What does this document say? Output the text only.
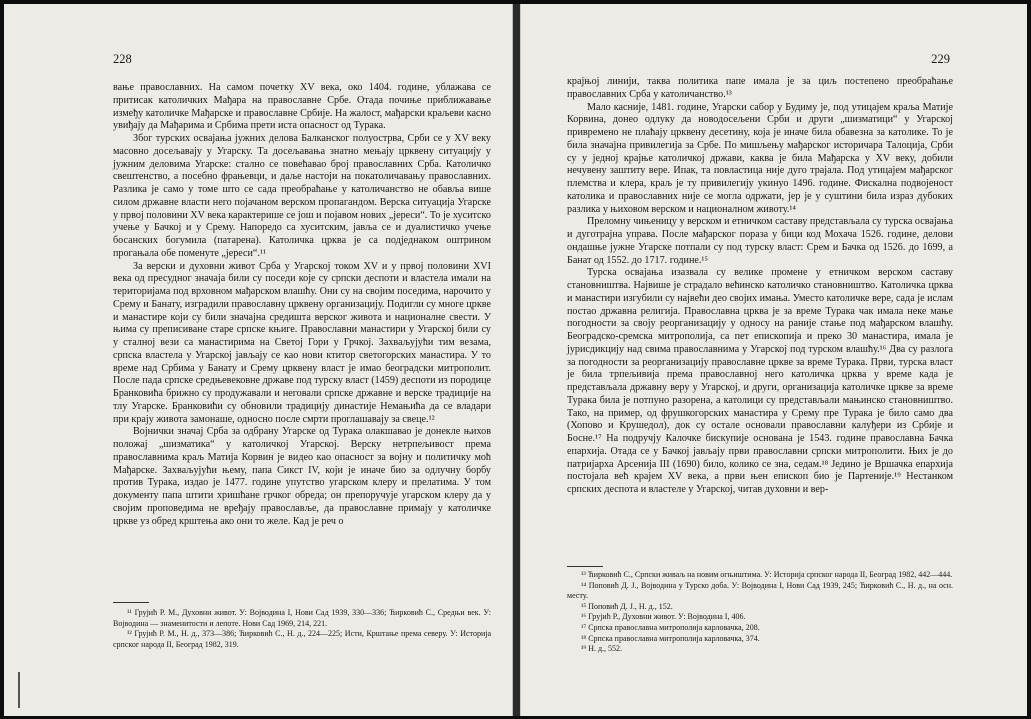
228

вање православних. На самом почетку XV века, око 1404. године, ублажава се притисак католичких Мађара на православне Србе. Отада почиње приближавање између католичке Мађарске и православне Србије. На жалост, мађарски краљеви касно увиђају да Мађарима и Србима прети иста опасност од Турака.

Због турских освајања јужних делова Балканског полуострва, Срби се у XV веку масовно досељавају у Угарску. Та досељавања знатно мењају црквену ситуацију у јужним деловима Угарске: стално се повећавао број православних Срба. Католичко свештенство, а посебно фрањевци, и даље настоји на покатоличавању православних. Разлика је само у томе што се сада преобраћање у католичанство не обавља више силом државне власти него појачаном верском пропагандом. Верска ситуација Угарске у првој половини XV века карактерише се још и појавом нових „јереси“. То је хуситско учење у Бачкој и у Срему. Напоредо са хуситским, јавља се и дуалистичко учење босанских богумила (патарена). Католичка црква је са подједнаком оштрином прогањала обе поменуте „јереси“.¹¹

За верски и духовни живот Срба у Угарској током XV и у првој половини XVI века од пресудног значаја били су поседи које су српски деспоти и властела имали на територијама под врховном мађарском влашћу. Они су на својим поседима, нарочито у Срему и Банату, изградили православну црквену организацију. Подигли су многе цркве и манастире који су били значајна средишта верског живота и националне свести. У њима су преписиване старе српске књиге. Православни манастири у Угарској били су у сталној вези са манастирима на Светој Гори у Грчкој. Захваљујући тим везама, српска властела у Угарској јављају се као нови ктитор светогорских манастира. У то време над Србима у Банату и Срему црквену власт је имао београдски митрополит. После пада српске средњевековне државе под турску власт (1459) деспоти из породице Бранковића брижно су продужавали и неговали српске државне и верске традиције на тлу Угарске. Бранковићи су обновили традицију династије Немањића да се владари при крају живота замонаше, односно после смрти проглашавају за свеце.¹²

Војнички значај Срба за одбрану Угарске од Турака олакшавао је донекле њихов положај „шизматика“ у католичкој Угарској. Верску нетрпељивост према православнима краљ Матија Корвин је видео као опасност за војну и политичку моћ Мађарске. Захваљујући њему, папа Сикст IV, који је иначе био за одлучну борбу против Турака, издао је 1477. године упутство угарском клеру и прелатима. У том документу папа штити хришћане грчког обреда; он препоручује угарском клеру да у својим проповедима не вређају православље, да православне примају у католичке цркве уз обред крштења ако они то желе. Кад је реч о

¹¹ Грујић Р. М., Духовни живот. У: Војводина I, Нови Сад 1939, 330—336; Ћирковић С., Средњи век. У: Војводина — знаменитости и лепоте. Нови Сад 1969, 214, 221.

¹² Грујић Р. М., Н. д., 373—386; Ћирковић С., Н. д., 224—225; Исти, Крштање према северу. У: Историја српског народа II, Београд 1982, 319.

229

крајњој линији, таква политика папе имала је за циљ постепено преобраћање православних Срба у католичанство.¹³

Мало касније, 1481. године, Угарски сабор у Будиму је, под утицајем краља Матије Корвина, донео одлуку да новодосељени Срби и други „шизматици“ у Угарској привремено не плаћају црквену десетину, која је иначе била обавезна за католике. То је била значајна привилегија за Србе. По мишљењу мађарског историчара Талоција, Срби су у једној крајње католичкој држави, каква је била Мађарска у XV веку, добили нечувену заштиту вере. Ипак, та повластица није дуго трајала. Под утицајем мађарског племства и клера, краљ је ту привилегију укинуо 1496. године. Фискална подвојеност католика и православних није се могла одржати, јер је у суштини била израз дубоких разлика у њиховом верском и националном животу.¹⁴

Преломну чињеницу у верском и етничком саставу представљала су турска освајања и дуготрајна управа. После мађарског пораза у бици код Мохача 1526. године, делови ондашње јужне Угарске потпали су под турску власт: Срем и Бачка од 1526. до 1699, а Банат од 1552. до 1717. године.¹⁵

Турска освајања изазвала су велике промене у етничком верском саставу становништва. Највише је страдало већинско католичко становништво. Католичка црква и манастири изгубили су највећи део својих имања. Уместо католичке вере, сада је ислам постао државна религија. Православна црква је за време Турака чак имала неке мање погодности за своју реорганизацију у односу на раније стање под мађарском влашћу. Београдско-сремска митрополија, са пет епископија и преко 30 манастира, имала је јурисдикцију над свима православнима у Угарској под турском влашћу.¹⁶ Два су разлога за погодности за реорганизацију православне цркве за време Турака. Први, турска власт је била трпељивија према православној него католичка црква у време када је представљала државну веру у Угарској, и други, организација католичке цркве за време Турака била је потпуно разорена, а католици су представљали мањинско становништво. Тако, на пример, од фрушкогорских манастира у Срему пре Турака је било само два (Хопово и Крушедол), док су остале основали православни калуђери из Србије и Босне.¹⁷ На подручју Калочке бискупије основана је 1543. године православна Бачка епархија. Отада се у Бачкој јављају први православни српски митрополити. Њих је до патријарха Арсенија III (1690) било, колико се зна, седам.¹⁸ Једино је Вршачка епархија постојала већ крајем XV века, а први њен епископ био је Партеније.¹⁹ Нестанком српских деспота и властеле у Угарској, читав духовни и вер-

¹³ Ћирковић С., Српски живаљ на новим огњиштима. У: Историја српског народа II, Београд 1982, 442—444.

¹⁴ Поповић Д. Ј., Војводина у Турско доба. У: Војводина I, Нови Сад 1939, 245; Ћирковић С., Н. д., на осн. месту.

¹⁵ Поповић Д. Ј., Н. д., 152.

¹⁶ Грујић Р., Духовни живот. У: Војводина I, 406.

¹⁷ Српска православна митрополија карловачка, 208.

¹⁸ Српска православна митрополија карловачка, 374.

¹⁹ Н. д., 552.
